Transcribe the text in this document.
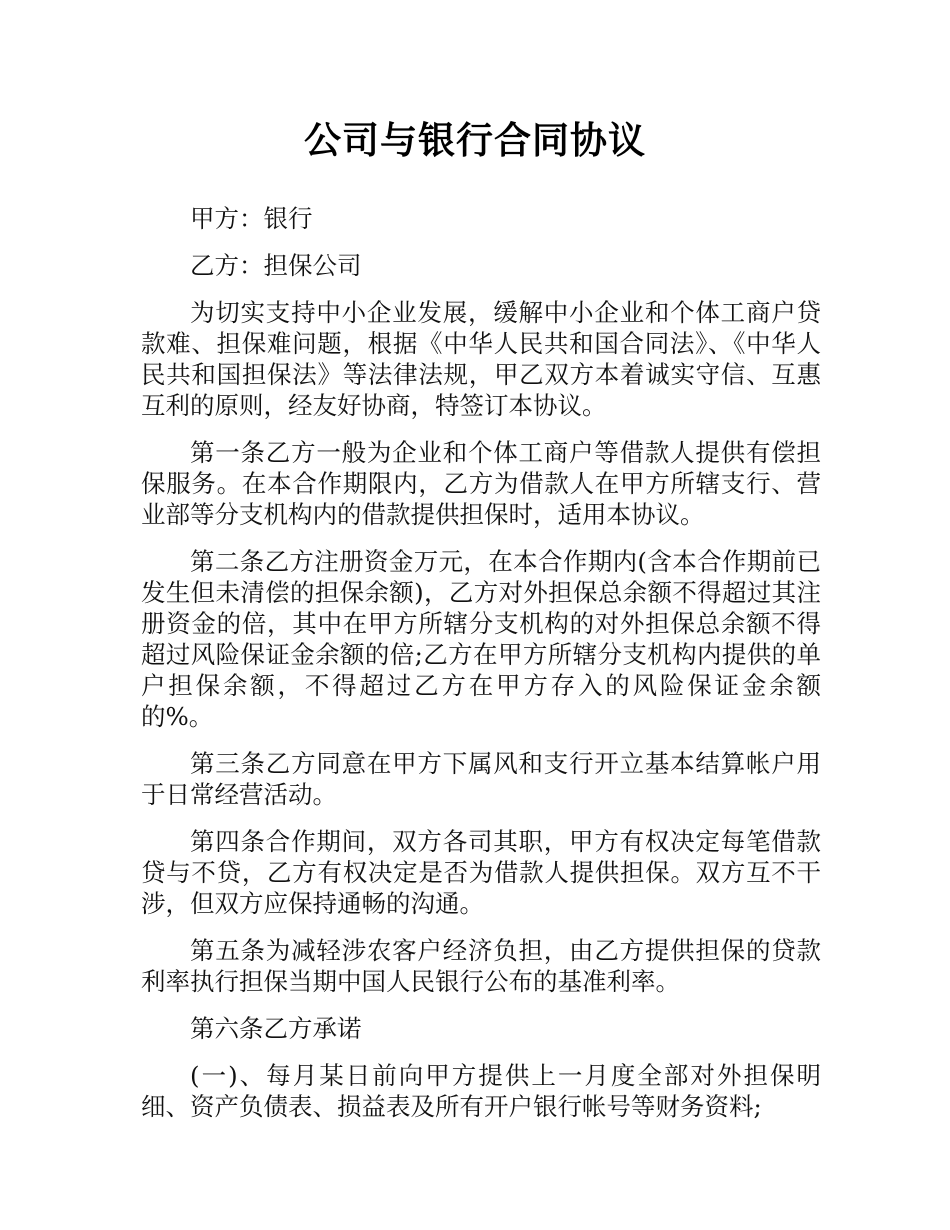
公司与银行合同协议

甲方：银行

乙方：担保公司

为切实支持中小企业发展，缓解中小企业和个体工商户贷款难、担保难问题，根据《中华人民共和国合同法》、《中华人民共和国担保法》等法律法规，甲乙双方本着诚实守信、互惠互利的原则，经友好协商，特签订本协议。

第一条乙方一般为企业和个体工商户等借款人提供有偿担保服务。在本合作期限内，乙方为借款人在甲方所辖支行、营业部等分支机构内的借款提供担保时，适用本协议。

第二条乙方注册资金万元，在本合作期内(含本合作期前已发生但未清偿的担保余额)，乙方对外担保总余额不得超过其注册资金的倍，其中在甲方所辖分支机构的对外担保总余额不得超过风险保证金余额的倍;乙方在甲方所辖分支机构内提供的单户担保余额，不得超过乙方在甲方存入的风险保证金余额的%。

第三条乙方同意在甲方下属风和支行开立基本结算帐户用于日常经营活动。

第四条合作期间，双方各司其职，甲方有权决定每笔借款贷与不贷，乙方有权决定是否为借款人提供担保。双方互不干涉，但双方应保持通畅的沟通。

第五条为减轻涉农客户经济负担，由乙方提供担保的贷款利率执行担保当期中国人民银行公布的基准利率。

第六条乙方承诺

(一)、每月某日前向甲方提供上一月度全部对外担保明细、资产负债表、损益表及所有开户银行帐号等财务资料;
